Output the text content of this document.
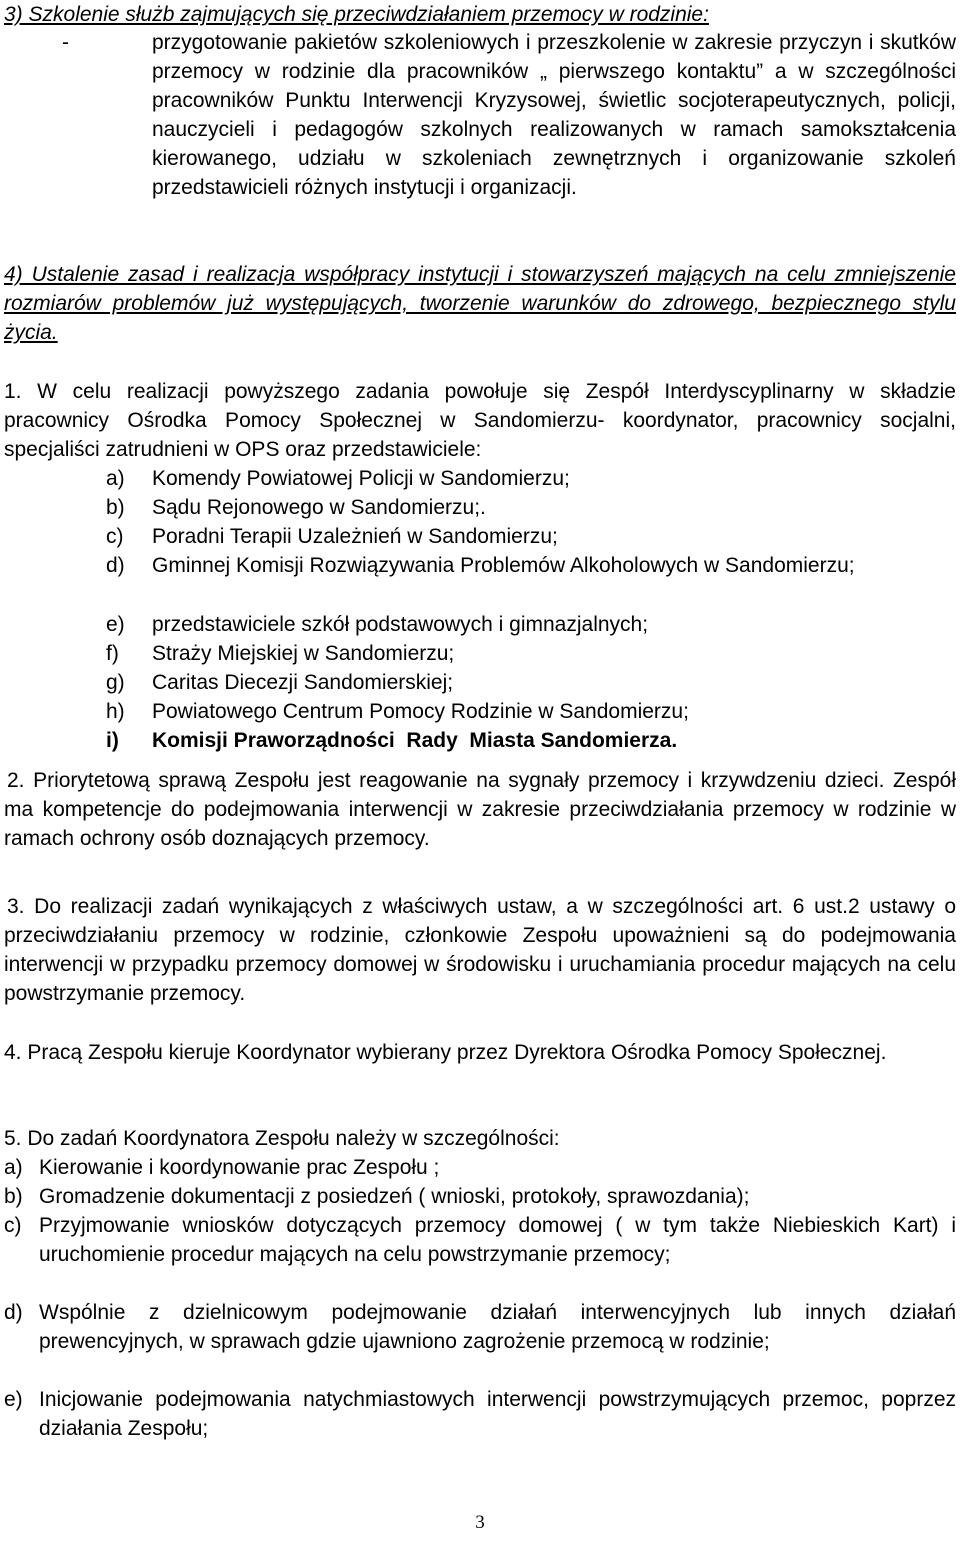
3) Szkolenie służb zajmujących się przeciwdziałaniem przemocy w rodzinie:

-	przygotowanie pakietów szkoleniowych i przeszkolenie w zakresie przyczyn i skutków przemocy w rodzinie dla pracowników „ pierwszego kontaktu” a w szczególności pracowników Punktu Interwencji Kryzysowej, świetlic socjoterapeutycznych, policji, nauczycieli i pedagogów szkolnych realizowanych w ramach samokształcenia kierowanego, udziału w szkoleniach zewnętrznych i organizowanie szkoleń przedstawicieli różnych instytucji i organizacji.

4) Ustalenie zasad i realizacja współpracy instytucji i stowarzyszeń mających na celu zmniejszenie rozmiarów problemów już występujących, tworzenie warunków do zdrowego, bezpiecznego stylu życia.

1. W celu realizacji powyższego zadania powołuje się Zespół Interdyscyplinarny w składzie pracownicy Ośrodka Pomocy Społecznej w Sandomierzu- koordynator, pracownicy socjalni, specjaliści zatrudnieni w OPS oraz przedstawiciele:

a) Komendy Powiatowej Policji w Sandomierzu;
b) Sądu Rejonowego w Sandomierzu;.
c) Poradni Terapii Uzależnień w Sandomierzu;
d) Gminnej Komisji Rozwiązywania Problemów Alkoholowych w Sandomierzu;
e) przedstawiciele szkół podstawowych i gimnazjalnych;
f) Straży Miejskiej w Sandomierzu;
g) Caritas Diecezji Sandomierskiej;
h) Powiatowego Centrum Pomocy Rodzinie w Sandomierzu;
i) Komisji Praworządności  Rady  Miasta Sandomierza.

2. Priorytetową sprawą Zespołu jest reagowanie na sygnały przemocy i krzywdzeniu dzieci. Zespół ma kompetencje do podejmowania interwencji w zakresie przeciwdziałania przemocy w rodzinie w ramach ochrony osób doznających przemocy.

3. Do realizacji zadań wynikających z właściwych ustaw, a w szczególności art. 6 ust.2 ustawy o przeciwdziałaniu przemocy w rodzinie, członkowie Zespołu upoważnieni są do podejmowania interwencji w przypadku przemocy domowej w środowisku i uruchamiania procedur mających na celu powstrzymanie przemocy.

4. Pracą Zespołu kieruje Koordynator wybierany przez Dyrektora Ośrodka Pomocy Społecznej.

5. Do zadań Koordynatora Zespołu należy w szczególności:

a) Kierowanie i koordynowanie prac Zespołu ;
b) Gromadzenie dokumentacji z posiedzeń ( wnioski, protokoły, sprawozdania);
c) Przyjmowanie wniosków dotyczących przemocy domowej ( w tym także Niebieskich Kart) i uruchomienie procedur mających na celu powstrzymanie przemocy;
d) Wspólnie z dzielnicowym podejmowanie działań interwencyjnych lub innych działań prewencyjnych, w sprawach gdzie ujawniono zagrożenie przemocą w rodzinie;
e) Inicjowanie podejmowania natychmiastowych interwencji powstrzymujących przemoc, poprzez działania Zespołu;
3
